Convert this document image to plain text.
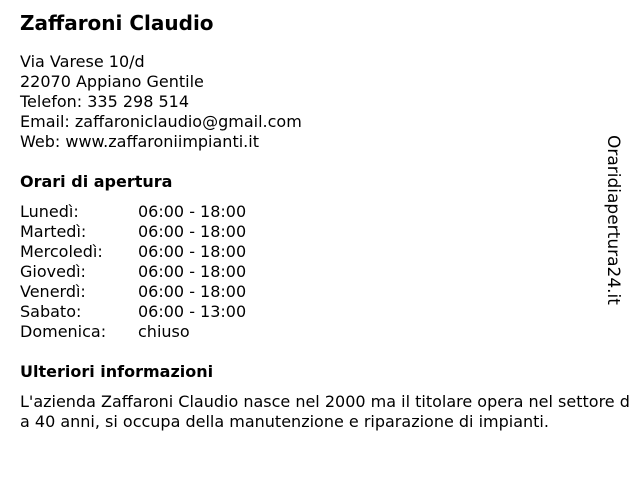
Zaffaroni Claudio
Via Varese 10/d
22070 Appiano Gentile
Telefon: 335 298 514
Email: zaffaroniclaudio@gmail.com
Web: www.zaffaroniimpianti.it
Orari di apertura
Lunedì:	06:00 - 18:00
Martedì:	06:00 - 18:00
Mercoledì:	06:00 - 18:00
Giovedì:	06:00 - 18:00
Venerdì:	06:00 - 18:00
Sabato:	06:00 - 13:00
Domenica:	chiuso
Ulteriori informazioni
L'azienda Zaffaroni Claudio nasce nel 2000 ma il titolare opera nel settore da 40 anni, si occupa della manutenzione e riparazione di impianti.
Oraridiapertura24.it
